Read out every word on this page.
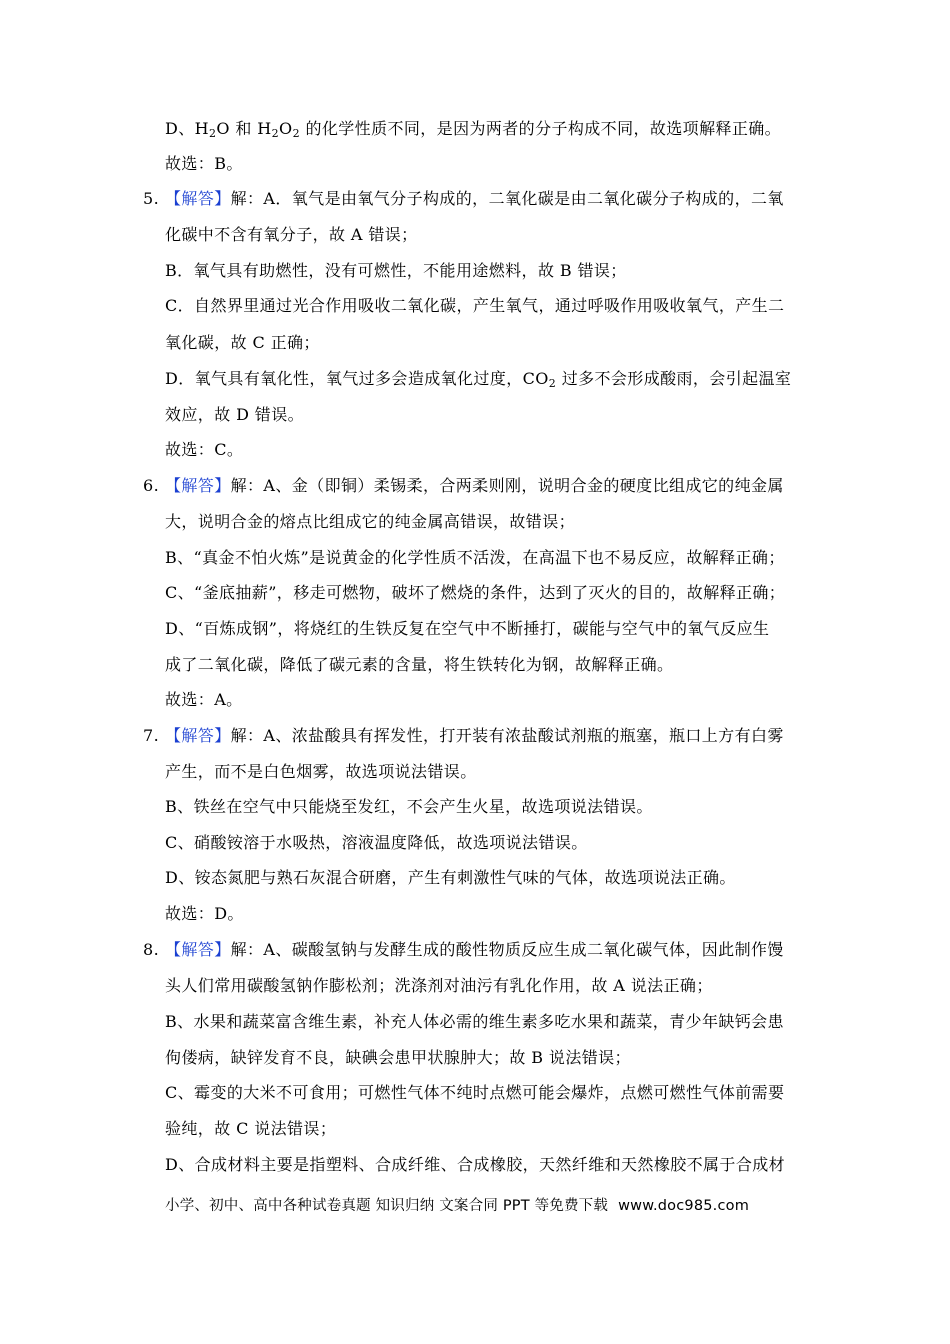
D、$H_2O$ 和 $H_2O_2$ 的化学性质不同，是因为两者的分子构成不同，故选项解释正确。
故选：B。
5. 【解答】解：A．氧气是由氧气分子构成的，二氧化碳是由二氧化碳分子构成的，二氧
化碳中不含有氧分子，故 A 错误；
B．氧气具有助燃性，没有可燃性，不能用途燃料，故 B 错误；
C．自然界里通过光合作用吸收二氧化碳，产生氧气，通过呼吸作用吸收氧气，产生二
氧化碳，故 C 正确；
D．氧气具有氧化性，氧气过多会造成氧化过度，$CO_2$ 过多不会形成酸雨，会引起温室
效应，故 D 错误。
故选：C。
6. 【解答】解：A、金（即铜）柔锡柔，合两柔则刚，说明合金的硬度比组成它的纯金属
大，说明合金的熔点比组成它的纯金属高错误，故错误；
B、“真金不怕火炼”是说黄金的化学性质不活泼，在高温下也不易反应，故解释正确；
C、“釜底抽薪”，移走可燃物，破坏了燃烧的条件，达到了灭火的目的，故解释正确；
D、“百炼成钢”，将烧红的生铁反复在空气中不断捶打，碳能与空气中的氧气反应生
成了二氧化碳，降低了碳元素的含量，将生铁转化为钢，故解释正确。
故选：A。
7. 【解答】解：A、浓盐酸具有挥发性，打开装有浓盐酸试剂瓶的瓶塞，瓶口上方有白雾
产生，而不是白色烟雾，故选项说法错误。
B、铁丝在空气中只能烧至发红，不会产生火星，故选项说法错误。
C、硝酸铵溶于水吸热，溶液温度降低，故选项说法错误。
D、铵态氮肥与熟石灰混合研磨，产生有刺激性气味的气体，故选项说法正确。
故选：D。
8. 【解答】解：A、碳酸氢钠与发酵生成的酸性物质反应生成二氧化碳气体，因此制作馒
头人们常用碳酸氢钠作膨松剂；洗涤剂对油污有乳化作用，故 A 说法正确；
B、水果和蔬菜富含维生素，补充人体必需的维生素多吃水果和蔬菜，青少年缺钙会患
佝偻病，缺锌发育不良，缺碘会患甲状腺肿大；故 B 说法错误；
C、霉变的大米不可食用；可燃性气体不纯时点燃可能会爆炸，点燃可燃性气体前需要
验纯，故 C 说法错误；
D、合成材料主要是指塑料、合成纤维、合成橡胶，天然纤维和天然橡胶不属于合成材
小学、初中、高中各种试卷真题 知识归纳 文案合同 PPT 等免费下载 www.doc985.com
